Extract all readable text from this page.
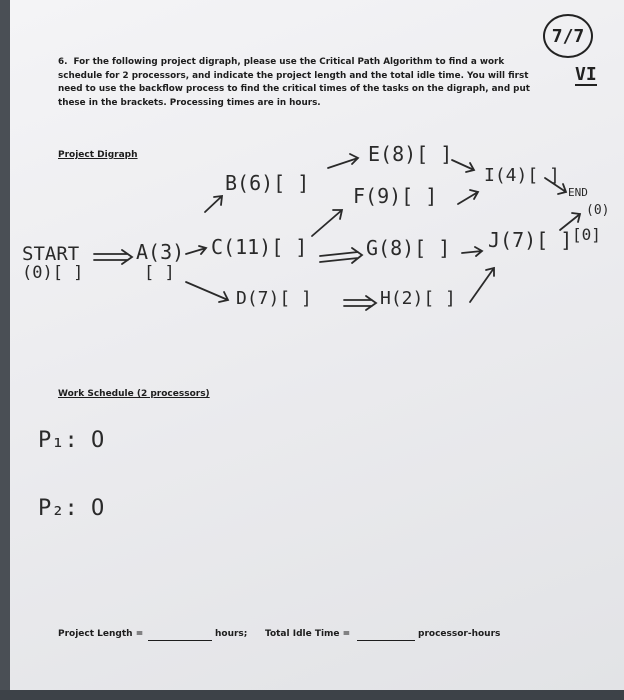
7/7
VI
6. For the following project digraph, please use the Critical Path Algorithm to find a work schedule for 2 processors, and indicate the project length and the total idle time. You will first need to use the backflow process to find the critical times of the tasks on the digraph, and put these in the brackets. Processing times are in hours.
Project Digraph	E(8)[ ]
I(4)[ ]
END
(0)
[0]
B(6)[ ]
F(9)[ ]
START	A(3) C(11)[ ]	G(8)[ ] J(7)[ ]
(0)[ ]	[ ]
D(7)[ ]	H(2)[ ]
Work Schedule (2 processors)
P₁: O
P₂: O
Project Length =	hours; Total Idle Time =	processor-hours
